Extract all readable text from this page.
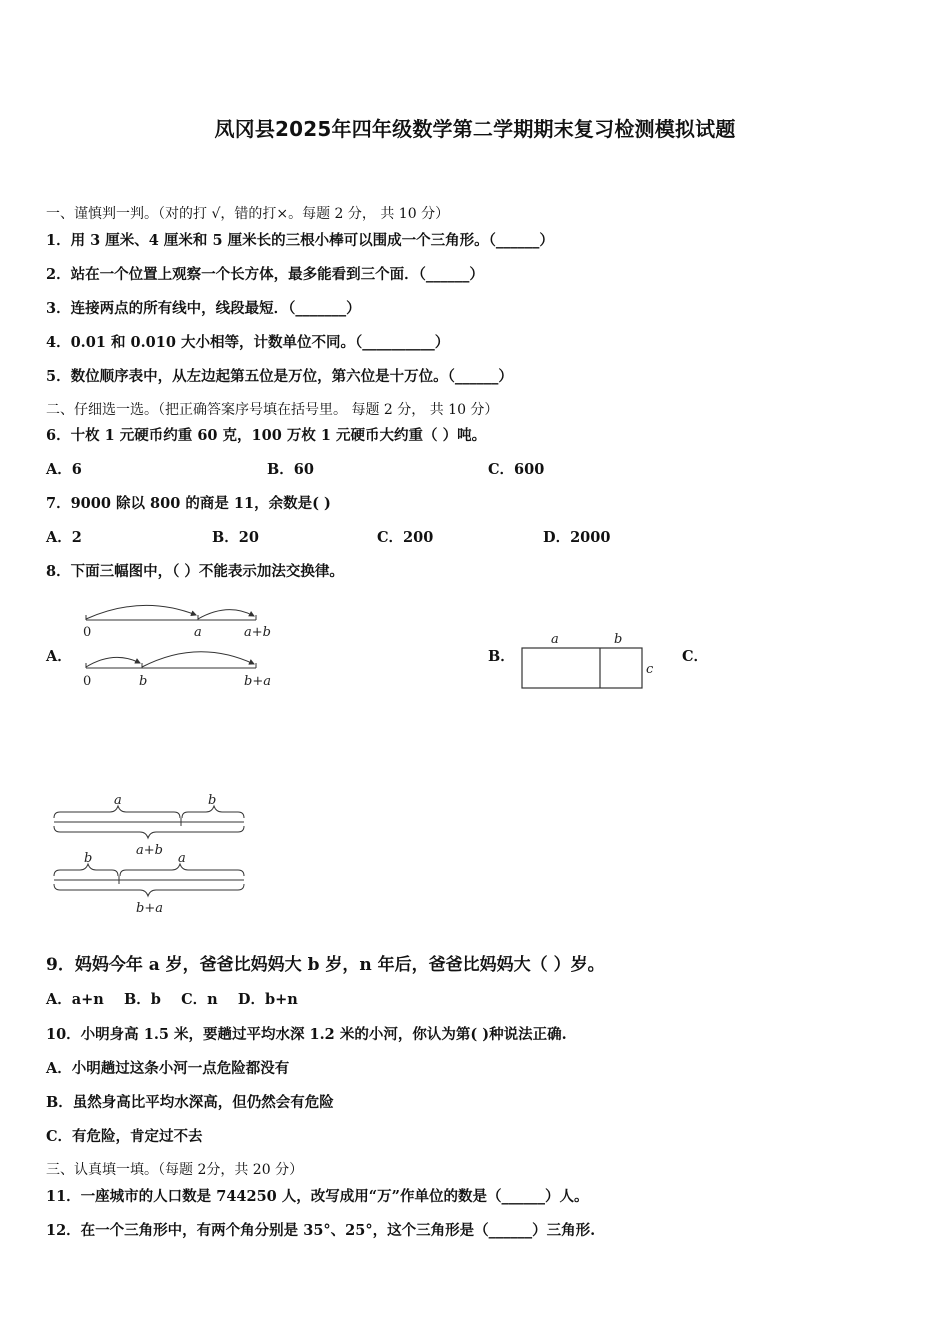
凤冈县2025年四年级数学第二学期期末复习检测模拟试题
一、谨慎判一判。（对的打 √，错的打×。每题 2 分， 共 10 分）
1．用 3 厘米、4 厘米和 5 厘米长的三根小棒可以围成一个三角形。（______）
2．站在一个位置上观察一个长方体，最多能看到三个面．（______）
3．连接两点的所有线中，线段最短．（_______）
4．0.01 和 0.010 大小相等，计数单位不同。（__________）
5．数位顺序表中，从左边起第五位是万位，第六位是十万位。（______）
二、仔细选一选。（把正确答案序号填在括号里。 每题 2 分， 共 10 分）
6．十枚 1 元硬币约重 60 克，100 万枚 1 元硬币大约重（ ）吨。
A．6	B．60	C．600
7．9000 除以 800 的商是 11，余数是( )
A．2	B．20	C．200	D．2000
8．下面三幅图中，（ ）不能表示加法交换律。
A．	B．	C．
0	a	a+b
0	b	b+a
a	b
c
a	b
a+b
b	a
b+a
9．妈妈今年 a 岁，爸爸比妈妈大 b 岁，n 年后，爸爸比妈妈大（ ）岁。
A．a+n    B．b    C．n    D．b+n
10．小明身高 1.5 米，要趟过平均水深 1.2 米的小河，你认为第( )种说法正确.
A．小明趟过这条小河一点危险都没有
B．虽然身高比平均水深高，但仍然会有危险
C．有危险，肯定过不去
三、认真填一填。（每题 2分，共 20 分）
11．一座城市的人口数是 744250 人，改写成用“万”作单位的数是（______）人。
12．在一个三角形中，有两个角分别是 35°、25°，这个三角形是（______）三角形.
